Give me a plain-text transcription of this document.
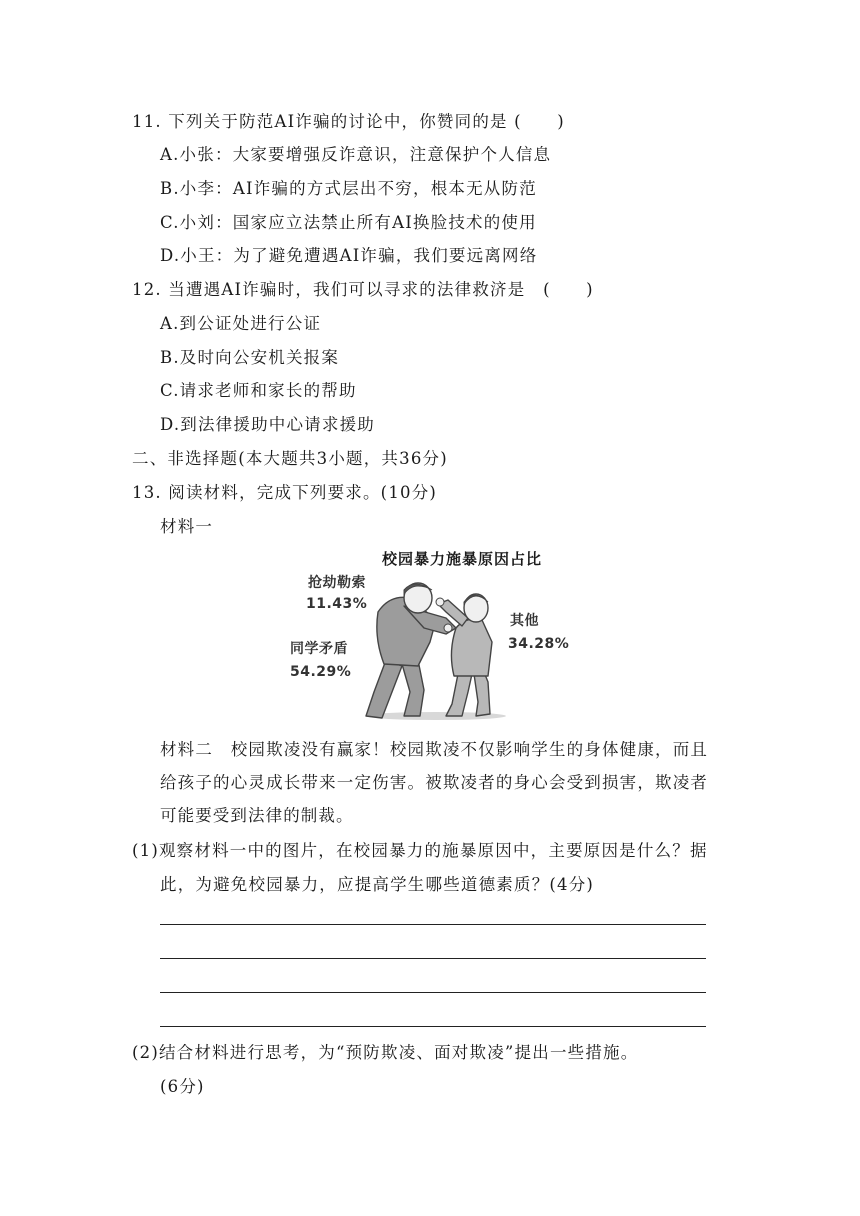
11. 下列关于防范AI诈骗的讨论中，你赞同的是 (　　)
A.小张：大家要增强反诈意识，注意保护个人信息
B.小李：AI诈骗的方式层出不穷，根本无从防范
C.小刘：国家应立法禁止所有AI换脸技术的使用
D.小王：为了避免遭遇AI诈骗，我们要远离网络
12. 当遭遇AI诈骗时，我们可以寻求的法律救济是　(　　)
A.到公证处进行公证
B.及时向公安机关报案
C.请求老师和家长的帮助
D.到法律援助中心请求援助
二、非选择题(本大题共3小题，共36分)
13. 阅读材料，完成下列要求。(10分)
材料一
校园暴力施暴原因占比
抢劫勒索
11.43%
同学矛盾
54.29%
其他
34.28%
材料二　校园欺凌没有赢家！校园欺凌不仅影响学生的身体健康，而且给孩子的心灵成长带来一定伤害。被欺凌者的身心会受到损害，欺凌者可能要受到法律的制裁。
(1)观察材料一中的图片，在校园暴力的施暴原因中，主要原因是什么？据
此，为避免校园暴力，应提高学生哪些道德素质？(4分)
(2)结合材料进行思考，为“预防欺凌、面对欺凌”提出一些措施。
(6分)
